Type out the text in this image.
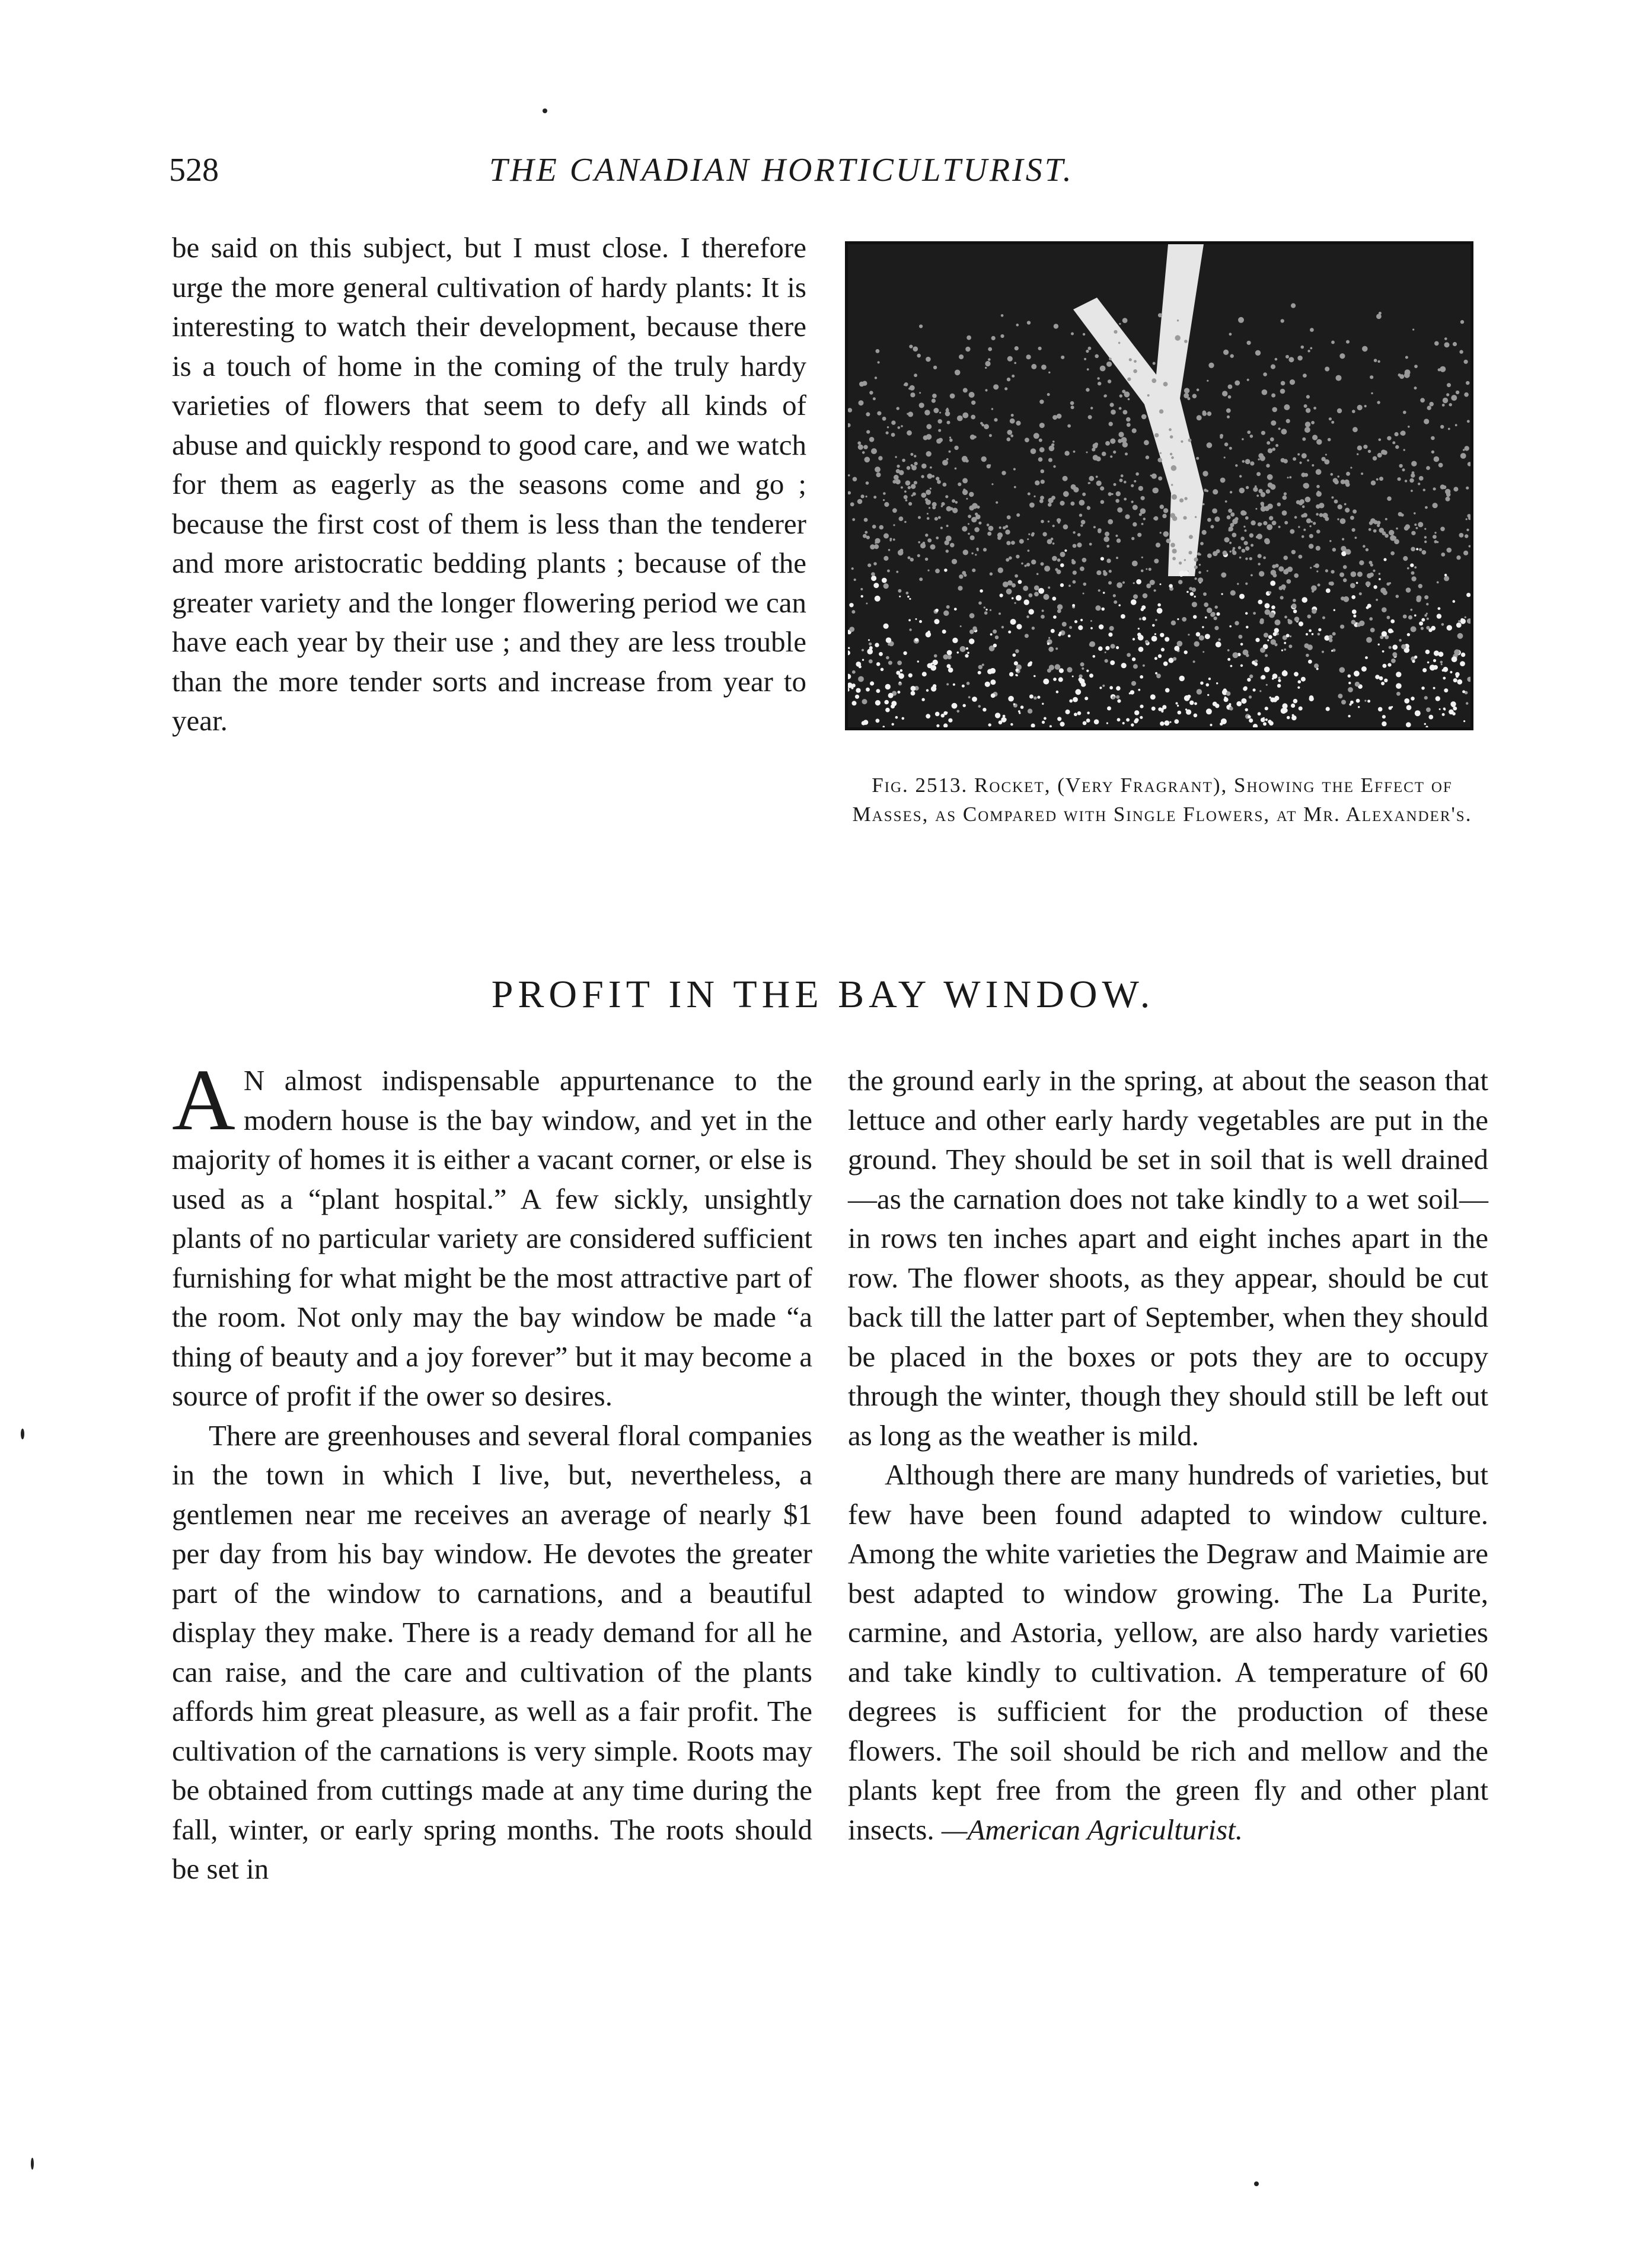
528	THE CANADIAN HORTICULTURIST.

be said on this subject, but I must close. I therefore urge the more general cultivation of hardy plants: It is interesting to watch their development, because there is a touch of home in the coming of the truly hardy varieties of flowers that seem to defy all kinds of abuse and quickly respond to good care, and we watch for them as eagerly as the seasons come and go ; because the first cost of them is less than the tenderer and more aristocratic bedding plants ; because of the greater variety and the longer flowering period we can have each year by their use ; and they are less trouble than the more tender sorts and increase from year to year.

Fig. 2513. Rocket, (Very Fragrant), Showing the Effect of Masses, as Compared with Single Flowers, at Mr. Alexander's.
PROFIT IN THE BAY WINDOW.

A N almost indispensable appurtenance to the modern house is the bay window, and yet in the majority of homes it is either a vacant corner, or else is used as a “plant hospital.” A few sickly, unsightly plants of no particular variety are considered sufficient furnishing for what might be the most attractive part of the room. Not only may the bay window be made “a thing of beauty and a joy forever” but it may become a source of profit if the ower so desires.

There are greenhouses and several floral companies in the town in which I live, but, nevertheless, a gentlemen near me receives an average of nearly $1 per day from his bay window. He devotes the greater part of the window to carnations, and a beautiful display they make. There is a ready demand for all he can raise, and the care and cultivation of the plants affords him great pleasure, as well as a fair profit. The cultivation of the carnations is very simple. Roots may be obtained from cuttings made at any time during the fall, winter, or early spring months. The roots should be set in

the ground early in the spring, at about the season that lettuce and other early hardy vegetables are put in the ground. They should be set in soil that is well drained—as the carnation does not take kindly to a wet soil—in rows ten inches apart and eight inches apart in the row. The flower shoots, as they appear, should be cut back till the latter part of September, when they should be placed in the boxes or pots they are to occupy through the winter, though they should still be left out as long as the weather is mild.

Although there are many hundreds of varieties, but few have been found adapted to window culture. Among the white varieties the Degraw and Maimie are best adapted to window growing. The La Purite, carmine, and Astoria, yellow, are also hardy varieties and take kindly to cultivation. A temperature of 60 degrees is sufficient for the production of these flowers. The soil should be rich and mellow and the plants kept free from the green fly and other plant insects. —American Agriculturist.
